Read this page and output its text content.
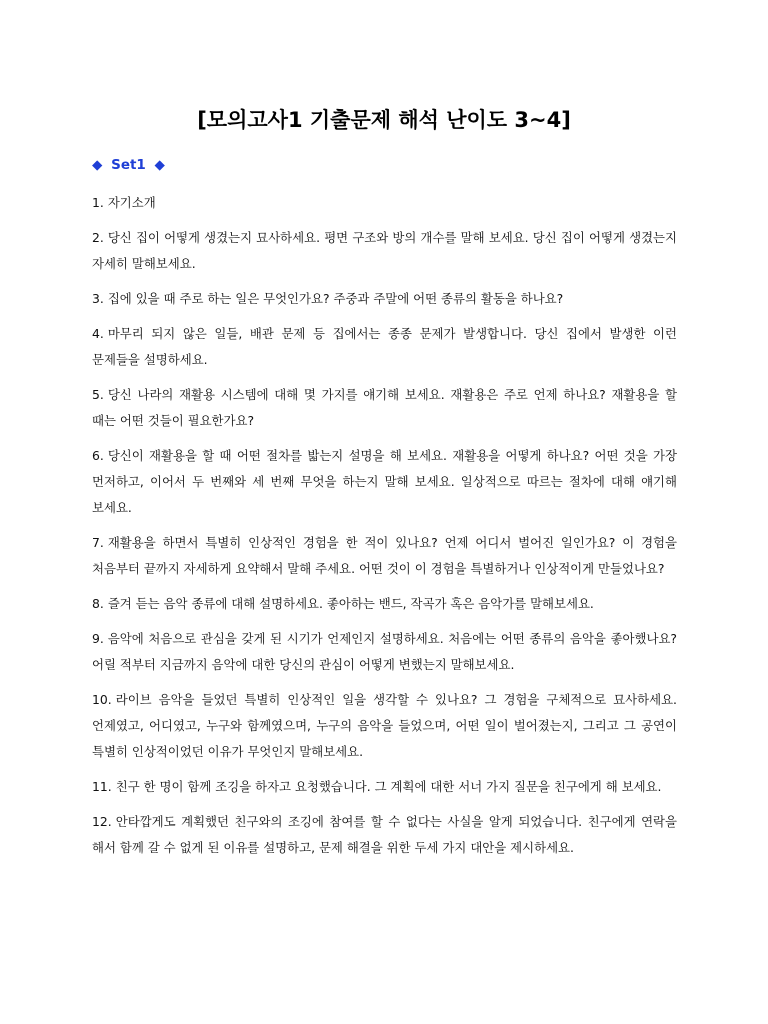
[모의고사1 기출문제 해석 난이도 3~4]
◆ Set1 ◆
1. 자기소개
2. 당신 집이 어떻게 생겼는지 묘사하세요. 평면 구조와 방의 개수를 말해 보세요. 당신 집이 어떻게 생겼는지 자세히 말해보세요.
3. 집에 있을 때 주로 하는 일은 무엇인가요? 주중과 주말에 어떤 종류의 활동을 하나요?
4. 마무리 되지 않은 일들, 배관 문제 등 집에서는 종종 문제가 발생합니다. 당신 집에서 발생한 이런 문제들을 설명하세요.
5. 당신 나라의 재활용 시스템에 대해 몇 가지를 얘기해 보세요. 재활용은 주로 언제 하나요? 재활용을 할 때는 어떤 것들이 필요한가요?
6. 당신이 재활용을 할 때 어떤 절차를 밟는지 설명을 해 보세요. 재활용을 어떻게 하나요? 어떤 것을 가장 먼저하고, 이어서 두 번째와 세 번째 무엇을 하는지 말해 보세요. 일상적으로 따르는 절차에 대해 얘기해 보세요.
7. 재활용을 하면서 특별히 인상적인 경험을 한 적이 있나요? 언제 어디서 벌어진 일인가요? 이 경험을 처음부터 끝까지 자세하게 요약해서 말해 주세요. 어떤 것이 이 경험을 특별하거나 인상적이게 만들었나요?
8. 즐겨 듣는 음악 종류에 대해 설명하세요. 좋아하는 밴드, 작곡가 혹은 음악가를 말해보세요.
9. 음악에 처음으로 관심을 갖게 된 시기가 언제인지 설명하세요. 처음에는 어떤 종류의 음악을 좋아했나요? 어릴 적부터 지금까지 음악에 대한 당신의 관심이 어떻게 변했는지 말해보세요.
10. 라이브 음악을 들었던 특별히 인상적인 일을 생각할 수 있나요? 그 경험을 구체적으로 묘사하세요. 언제였고, 어디였고, 누구와 함께였으며, 누구의 음악을 들었으며, 어떤 일이 벌어졌는지, 그리고 그 공연이 특별히 인상적이었던 이유가 무엇인지 말해보세요.
11. 친구 한 명이 함께 조깅을 하자고 요청했습니다. 그 계획에 대한 서너 가지 질문을 친구에게 해 보세요.
12. 안타깝게도 계획했던 친구와의 조깅에 참여를 할 수 없다는 사실을 알게 되었습니다. 친구에게 연락을 해서 함께 갈 수 없게 된 이유를 설명하고, 문제 해결을 위한 두세 가지 대안을 제시하세요.
